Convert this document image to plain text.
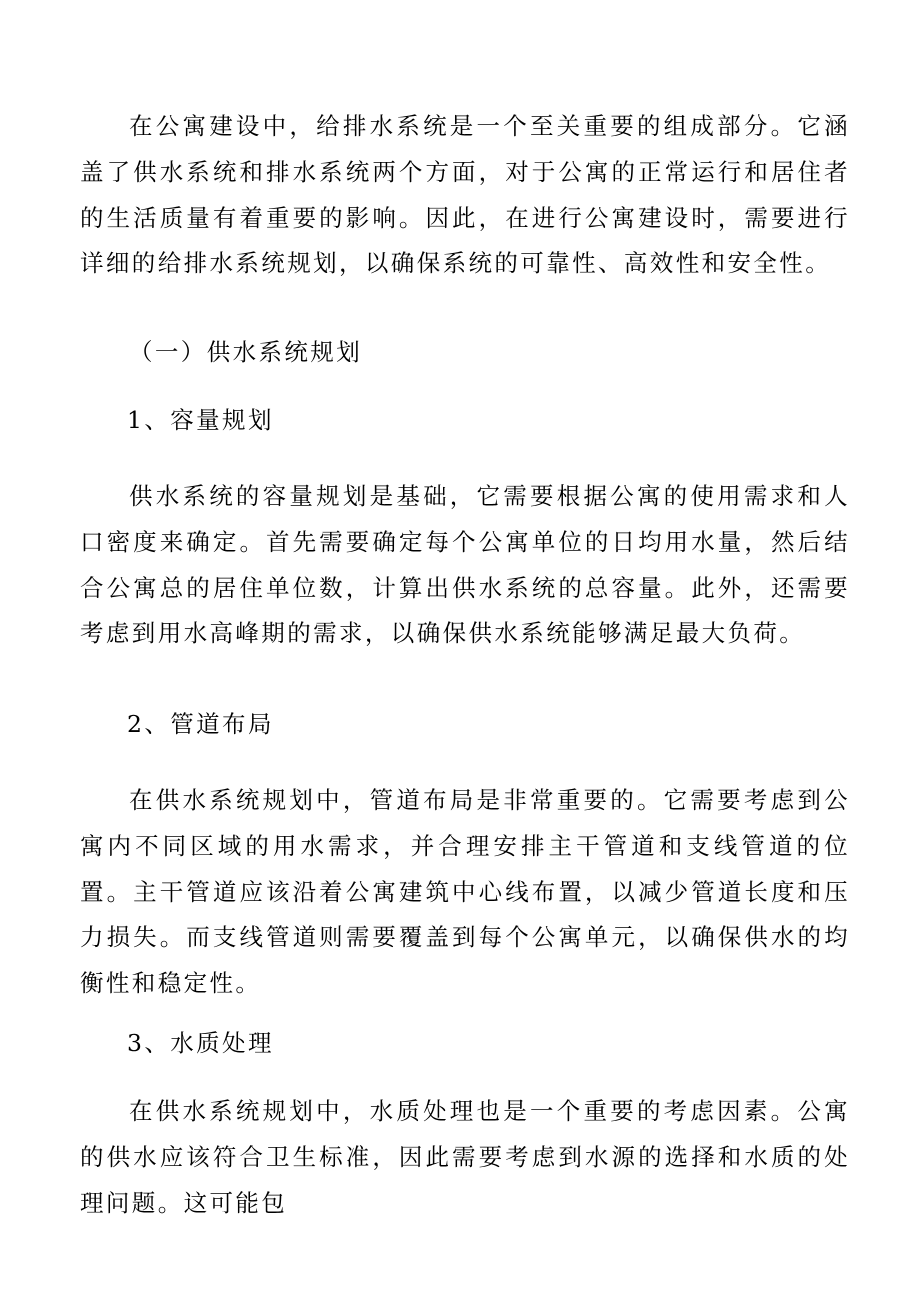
在公寓建设中，给排水系统是一个至关重要的组成部分。它涵盖了供水系统和排水系统两个方面，对于公寓的正常运行和居住者的生活质量有着重要的影响。因此，在进行公寓建设时，需要进行详细的给排水系统规划，以确保系统的可靠性、高效性和安全性。

（一）供水系统规划

1、容量规划

供水系统的容量规划是基础，它需要根据公寓的使用需求和人口密度来确定。首先需要确定每个公寓单位的日均用水量，然后结合公寓总的居住单位数，计算出供水系统的总容量。此外，还需要考虑到用水高峰期的需求，以确保供水系统能够满足最大负荷。

2、管道布局

在供水系统规划中，管道布局是非常重要的。它需要考虑到公寓内不同区域的用水需求，并合理安排主干管道和支线管道的位置。主干管道应该沿着公寓建筑中心线布置，以减少管道长度和压力损失。而支线管道则需要覆盖到每个公寓单元，以确保供水的均衡性和稳定性。

3、水质处理

在供水系统规划中，水质处理也是一个重要的考虑因素。公寓的供水应该符合卫生标准，因此需要考虑到水源的选择和水质的处理问题。这可能包
